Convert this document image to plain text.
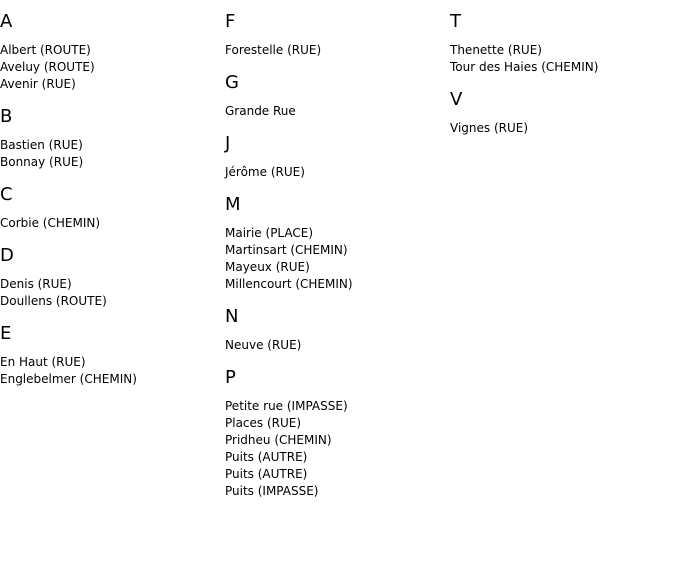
A
Albert (ROUTE)
Aveluy (ROUTE)
Avenir (RUE)
B
Bastien (RUE)
Bonnay (RUE)
C
Corbie (CHEMIN)
D
Denis (RUE)
Doullens (ROUTE)
E
En Haut (RUE)
Englebelmer (CHEMIN)
F
Forestelle (RUE)
G
Grande Rue
J
Jérôme (RUE)
M
Mairie (PLACE)
Martinsart (CHEMIN)
Mayeux (RUE)
Millencourt (CHEMIN)
N
Neuve (RUE)
P
Petite rue (IMPASSE)
Places (RUE)
Pridheu (CHEMIN)
Puits (AUTRE)
Puits (AUTRE)
Puits (IMPASSE)
T
Thenette (RUE)
Tour des Haies (CHEMIN)
V
Vignes (RUE)
